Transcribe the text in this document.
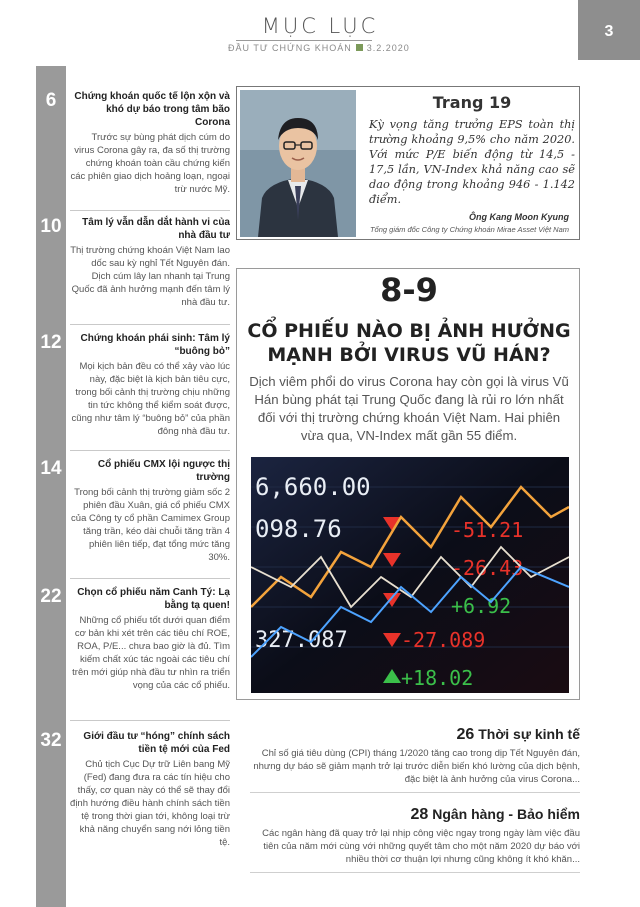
MỤC LỤC
ĐẦU TƯ CHỨNG KHOÁN 3.2.2020
3
6	Chứng khoán quốc tế lộn xộn và khó dự báo trong tâm bão Corona
Trước sự bùng phát dịch cúm do virus Corona gây ra, đa số thị trường chứng khoán toàn cầu chứng kiến các phiên giao dịch hoảng loạn, ngoại trừ nước Mỹ.
10	Tâm lý vẫn dẫn dắt hành vi của nhà đầu tư
Thị trường chứng khoán Việt Nam lao dốc sau kỳ nghỉ Tết Nguyên đán. Dịch cúm lây lan nhanh tại Trung Quốc đã ảnh hưởng mạnh đến tâm lý nhà đầu tư.
12	Chứng khoán phái sinh: Tâm lý “buông bỏ”
Mọi kịch bản đều có thể xảy vào lúc này, đặc biệt là kịch bản tiêu cực, trong bối cảnh thị trường chịu những tin tức không thể kiểm soát được, cũng như tâm lý “buông bỏ” của phần đông nhà đầu tư.
14	Cổ phiếu CMX lội ngược thị trường
Trong bối cảnh thị trường giảm sốc 2 phiên đầu Xuân, giá cổ phiếu CMX của Công ty cổ phần Camimex Group tăng trần, kéo dài chuỗi tăng trần 4 phiên liên tiếp, đạt tổng mức tăng 30%.
22	Chọn cổ phiếu năm Canh Tý: Lạ bằng tạ quen!
Những cổ phiếu tốt dưới quan điểm cơ bản khi xét trên các tiêu chí ROE, ROA, P/E... chưa bao giờ là đủ. Tìm kiếm chất xúc tác ngoài các tiêu chí trên mới giúp nhà đầu tư nhìn ra triển vọng của các cổ phiếu.
32	Giới đầu tư “hóng” chính sách tiền tệ mới của Fed
Chủ tịch Cục Dự trữ Liên bang Mỹ (Fed) đang đưa ra các tín hiệu cho thấy, cơ quan này có thể sẽ thay đổi định hướng điều hành chính sách tiền tệ trong thời gian tới, không loại trừ khả năng chuyển sang nới lỏng tiền tệ.
Trang 19
Kỳ vọng tăng trưởng EPS toàn thị trường khoảng 9,5% cho năm 2020. Với mức P/E biến động từ 14,5 - 17,5 lần, VN-Index khả năng cao sẽ dao động trong khoảng 946 - 1.142 điểm.
Ông Kang Moon Kyung
Tổng giám đốc Công ty Chứng khoán Mirae Asset Việt Nam
8-9
CỔ PHIẾU NÀO BỊ ẢNH HƯỞNG MẠNH BỞI VIRUS VŨ HÁN?
Dịch viêm phổi do virus Corona hay còn gọi là virus Vũ Hán bùng phát tại Trung Quốc đang là rủi ro lớn nhất đối với thị trường chứng khoán Việt Nam. Hai phiên vừa qua, VN-Index mất gần 55 điểm.
6,660.00
098.76	-51.21
-26.43
+6.92
327.087	-27.089
+18.02
26 Thời sự kinh tế
Chỉ số giá tiêu dùng (CPI) tháng 1/2020 tăng cao trong dịp Tết Nguyên đán, nhưng dự báo sẽ giảm mạnh trở lại trước diễn biến khó lường của dịch bệnh, đặc biệt là ảnh hưởng của virus Corona...
28 Ngân hàng - Bảo hiểm
Các ngân hàng đã quay trở lại nhịp công việc ngay trong ngày làm việc đầu tiên của năm mới cùng với những quyết tâm cho một năm 2020 dự báo với nhiều thời cơ thuận lợi nhưng cũng không ít khó khăn...
